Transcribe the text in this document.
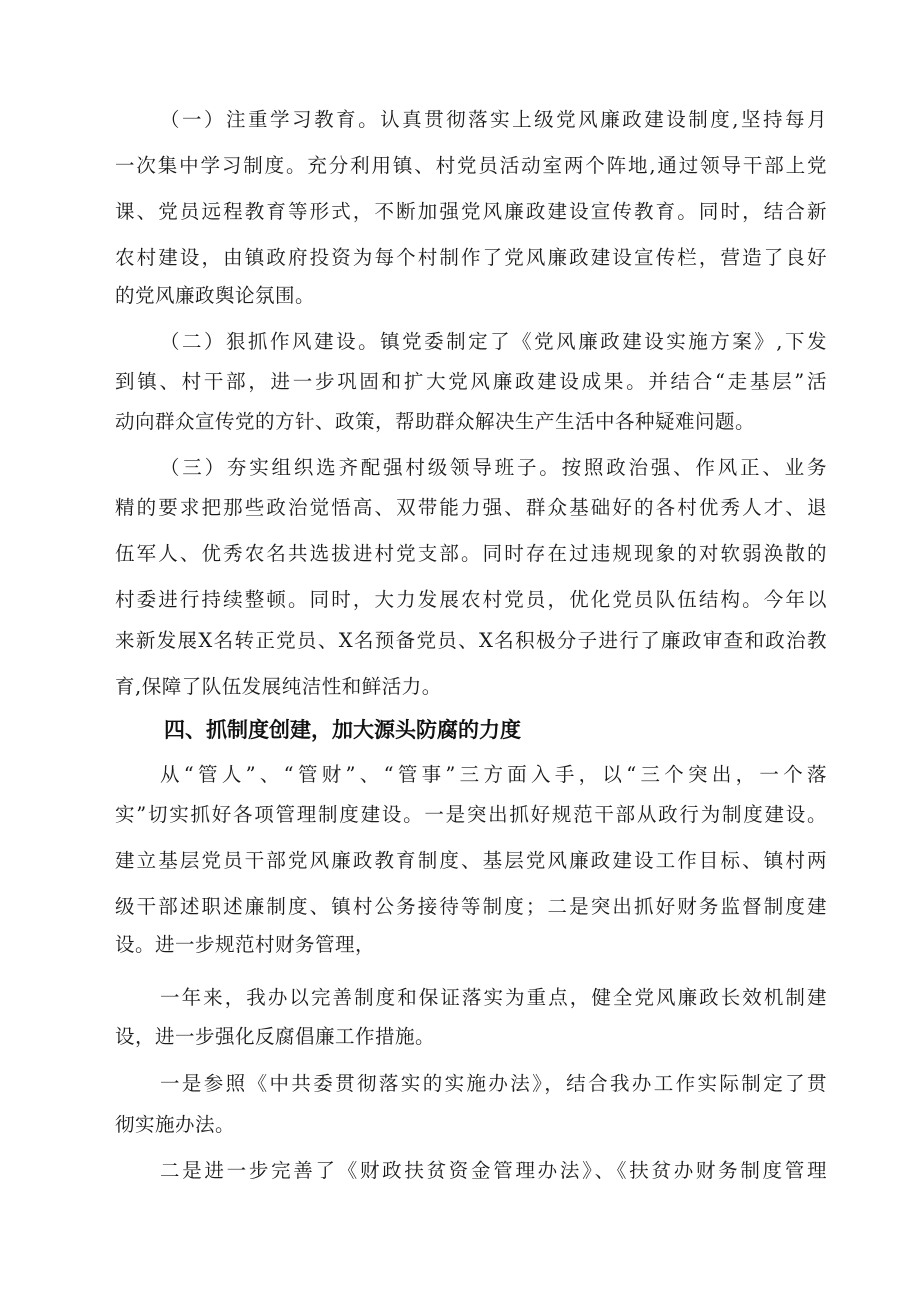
（一）注重学习教育。认真贯彻落实上级党风廉政建设制度,坚持每月
一次集中学习制度。充分利用镇、村党员活动室两个阵地,通过领导干部上党
课、党员远程教育等形式，不断加强党风廉政建设宣传教育。同时，结合新
农村建设，由镇政府投资为每个村制作了党风廉政建设宣传栏，营造了良好
的党风廉政舆论氛围。
（二）狠抓作风建设。镇党委制定了《党风廉政建设实施方案》,下发
到镇、村干部，进一步巩固和扩大党风廉政建设成果。并结合“走基层”活
动向群众宣传党的方针、政策，帮助群众解决生产生活中各种疑难问题。
（三）夯实组织选齐配强村级领导班子。按照政治强、作风正、业务
精的要求把那些政治觉悟高、双带能力强、群众基础好的各村优秀人才、退
伍军人、优秀农名共选拔进村党支部。同时存在过违规现象的对软弱涣散的
村委进行持续整顿。同时，大力发展农村党员，优化党员队伍结构。今年以
来新发展X名转正党员、X名预备党员、X名积极分子进行了廉政审查和政治教
育,保障了队伍发展纯洁性和鲜活力。
四、抓制度创建，加大源头防腐的力度
从“管人”、“管财”、“管事”三方面入手，以“三个突出，一个落
实”切实抓好各项管理制度建设。一是突出抓好规范干部从政行为制度建设。
建立基层党员干部党风廉政教育制度、基层党风廉政建设工作目标、镇村两
级干部述职述廉制度、镇村公务接待等制度；二是突出抓好财务监督制度建
设。进一步规范村财务管理，
一年来，我办以完善制度和保证落实为重点，健全党风廉政长效机制建
设，进一步强化反腐倡廉工作措施。
一是参照《中共委贯彻落实的实施办法》，结合我办工作实际制定了贯
彻实施办法。
二是进一步完善了《财政扶贫资金管理办法》、《扶贫办财务制度管理
